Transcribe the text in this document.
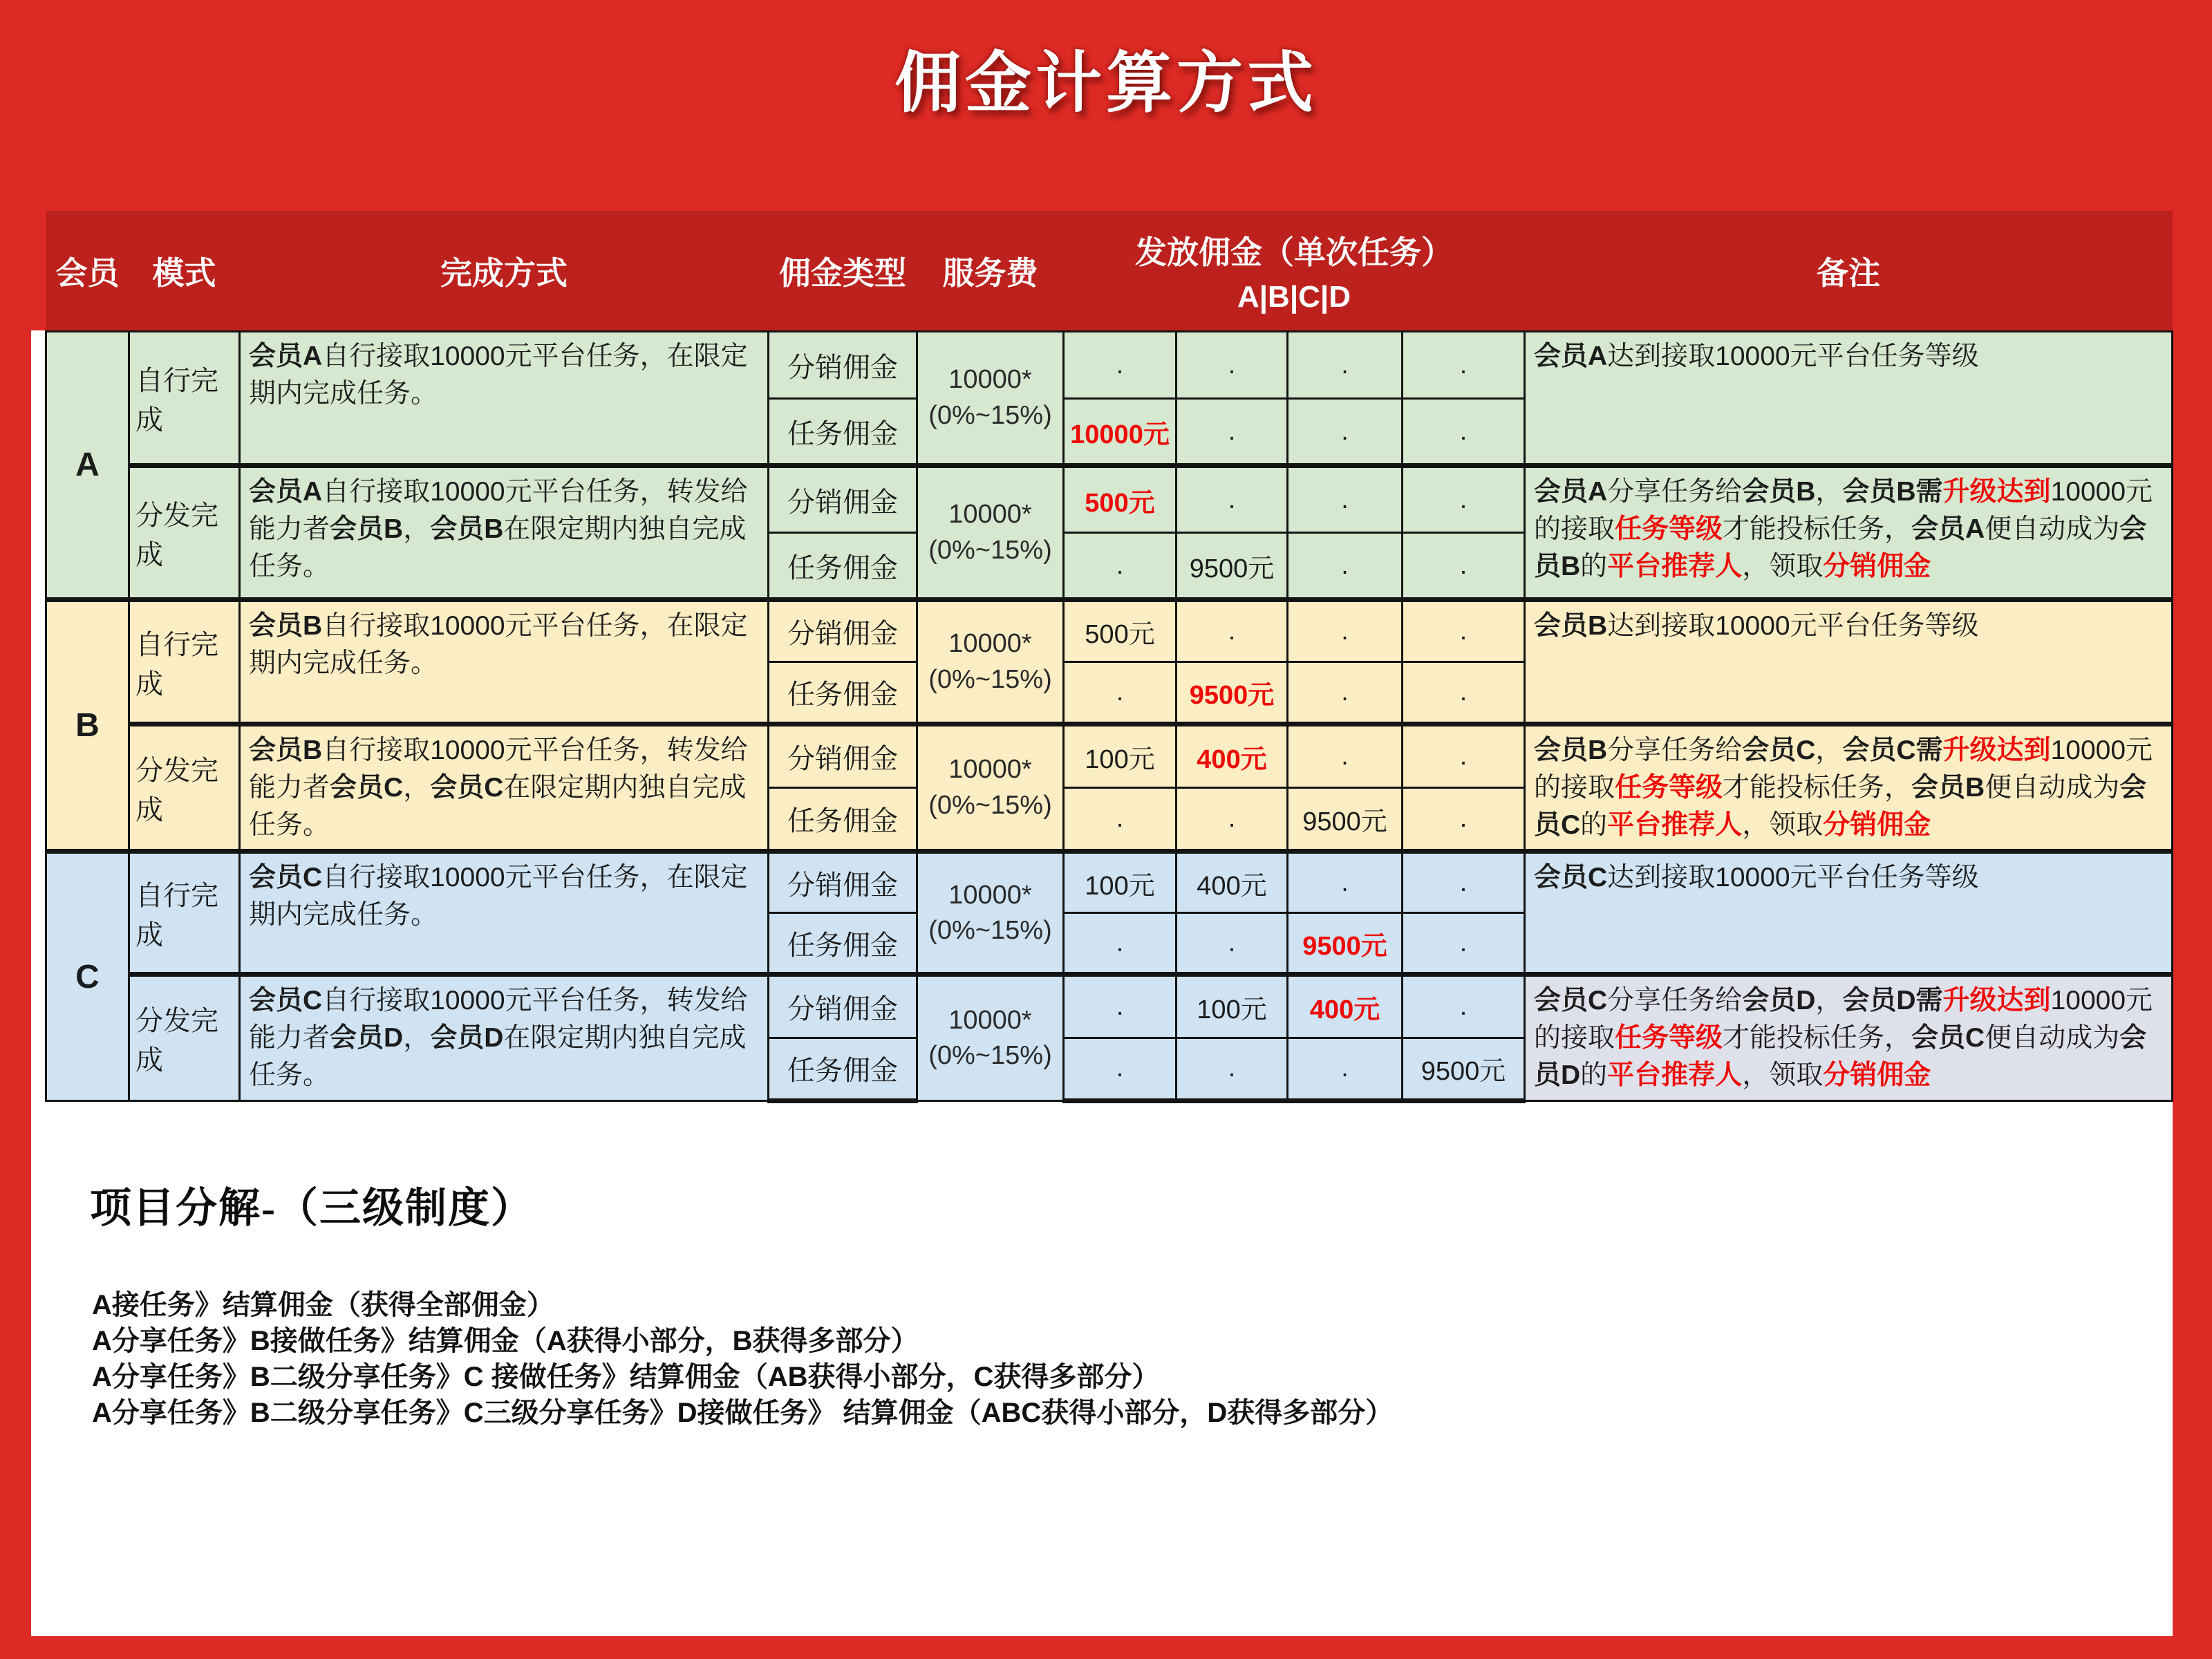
佣金计算方式
会员	模式	完成方式	佣金类型	服务费	发放佣金（单次任务）
A|B|C|D				备注
A	自行完成	会员A自行接取10000元平台任务，在限定期内完成任务。	分销佣金	10000*
(0%~15%)	.	.	.	.	会员A达到接取10000元平台任务等级
			任务佣金		10000元	.	.	.	
	分发完成	会员A自行接取10000元平台任务，转发给能力者会员B，会员B在限定期内独自完成任务。	分销佣金	10000*
(0%~15%)	500元	.	.	.	会员A分享任务给会员B，会员B需升级达到10000元的接取任务等级才能投标任务，会员A便自动成为会员B的平台推荐人，领取分销佣金
			任务佣金		.	9500元	.	.	
B	自行完成	会员B自行接取10000元平台任务，在限定期内完成任务。	分销佣金	10000*
(0%~15%)	500元	.	.	.	会员B达到接取10000元平台任务等级
			任务佣金		.	9500元	.	.	
	分发完成	会员B自行接取10000元平台任务，转发给能力者会员C，会员C在限定期内独自完成任务。	分销佣金	10000*
(0%~15%)	100元	400元	.	.	会员B分享任务给会员C，会员C需升级达到10000元的接取任务等级才能投标任务，会员B便自动成为会员C的平台推荐人，领取分销佣金
			任务佣金		.	.	9500元	.	
C	自行完成	会员C自行接取10000元平台任务，在限定期内完成任务。	分销佣金	10000*
(0%~15%)	100元	400元	.	.	会员C达到接取10000元平台任务等级
			任务佣金		.	.	9500元	.	
	分发完成	会员C自行接取10000元平台任务，转发给能力者会员D，会员D在限定期内独自完成任务。	分销佣金	10000*
(0%~15%)	.	100元	400元	.	会员C分享任务给会员D，会员D需升级达到10000元的接取任务等级才能投标任务，会员C便自动成为会员D的平台推荐人，领取分销佣金
			任务佣金		.	.	.	9500元	
项目分解-（三级制度）
A接任务》结算佣金（获得全部佣金）
A分享任务》B接做任务》结算佣金（A获得小部分，B获得多部分）
A分享任务》B二级分享任务》C 接做任务》结算佣金（AB获得小部分，C获得多部分）
A分享任务》B二级分享任务》C三级分享任务》D接做任务》 结算佣金（ABC获得小部分，D获得多部分）
